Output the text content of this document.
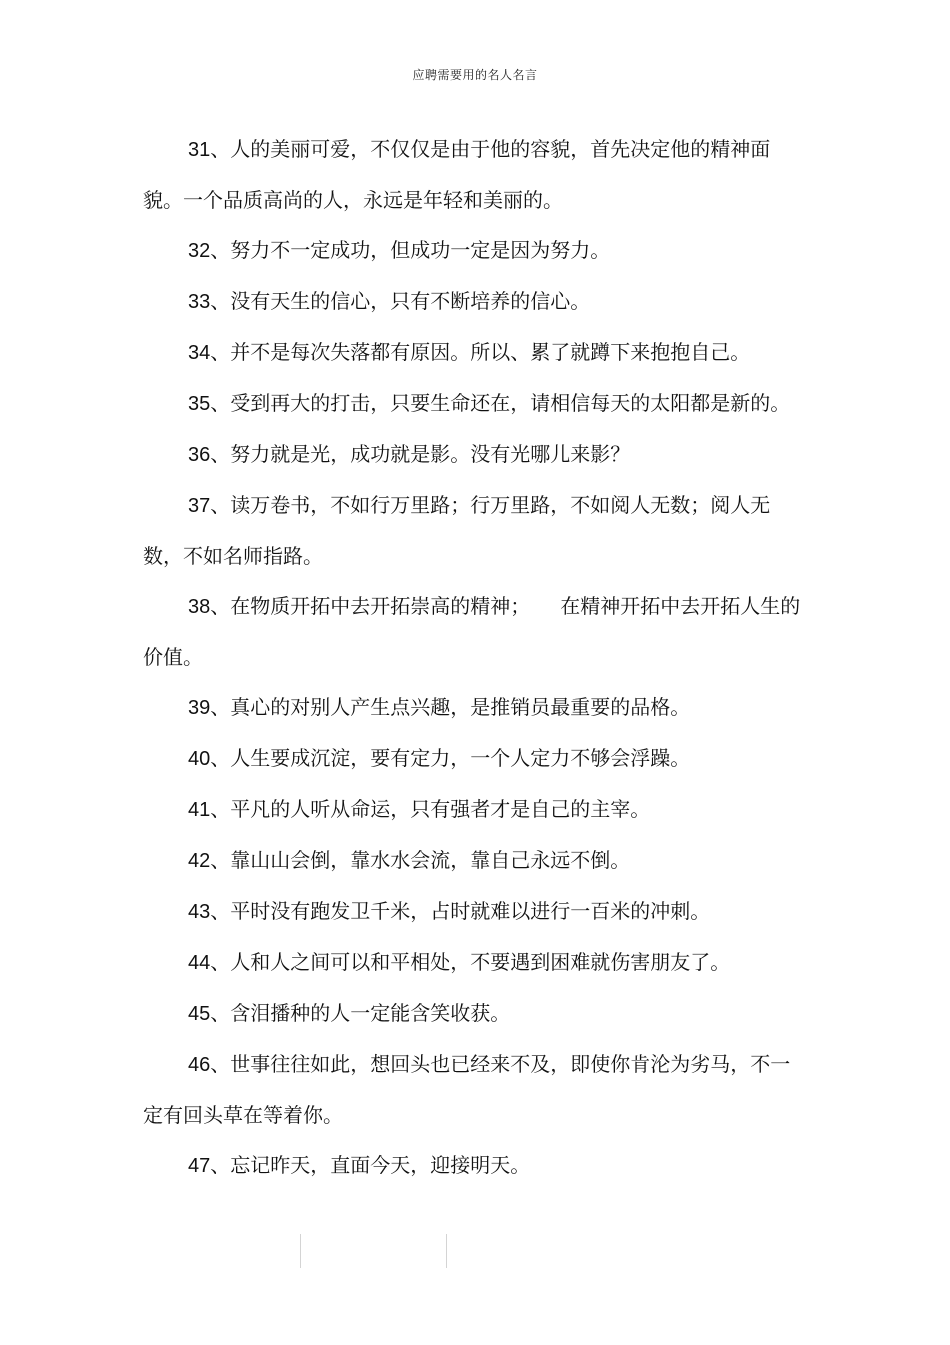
应聘需要用的名人名言

31、人的美丽可爱，不仅仅是由于他的容貌，首先决定他的精神面貌。一个品质高尚的人，永远是年轻和美丽的。

32、努力不一定成功，但成功一定是因为努力。

33、没有天生的信心，只有不断培养的信心。

34、并不是每次失落都有原因。所以、累了就蹲下来抱抱自己。

35、受到再大的打击，只要生命还在，请相信每天的太阳都是新的。

36、努力就是光，成功就是影。没有光哪儿来影？

37、读万卷书，不如行万里路；行万里路，不如阅人无数；阅人无数，不如名师指路。

38、在物质开拓中去开拓崇高的精神；　　在精神开拓中去开拓人生的价值。

39、真心的对别人产生点兴趣，是推销员最重要的品格。

40、人生要成沉淀，要有定力，一个人定力不够会浮躁。

41、平凡的人听从命运，只有强者才是自己的主宰。

42、靠山山会倒，靠水水会流，靠自己永远不倒。

43、平时没有跑发卫千米，占时就难以进行一百米的冲刺。

44、人和人之间可以和平相处，不要遇到困难就伤害朋友了。

45、含泪播种的人一定能含笑收获。

46、世事往往如此，想回头也已经来不及，即使你肯沦为劣马，不一定有回头草在等着你。

47、忘记昨天，直面今天，迎接明天。
